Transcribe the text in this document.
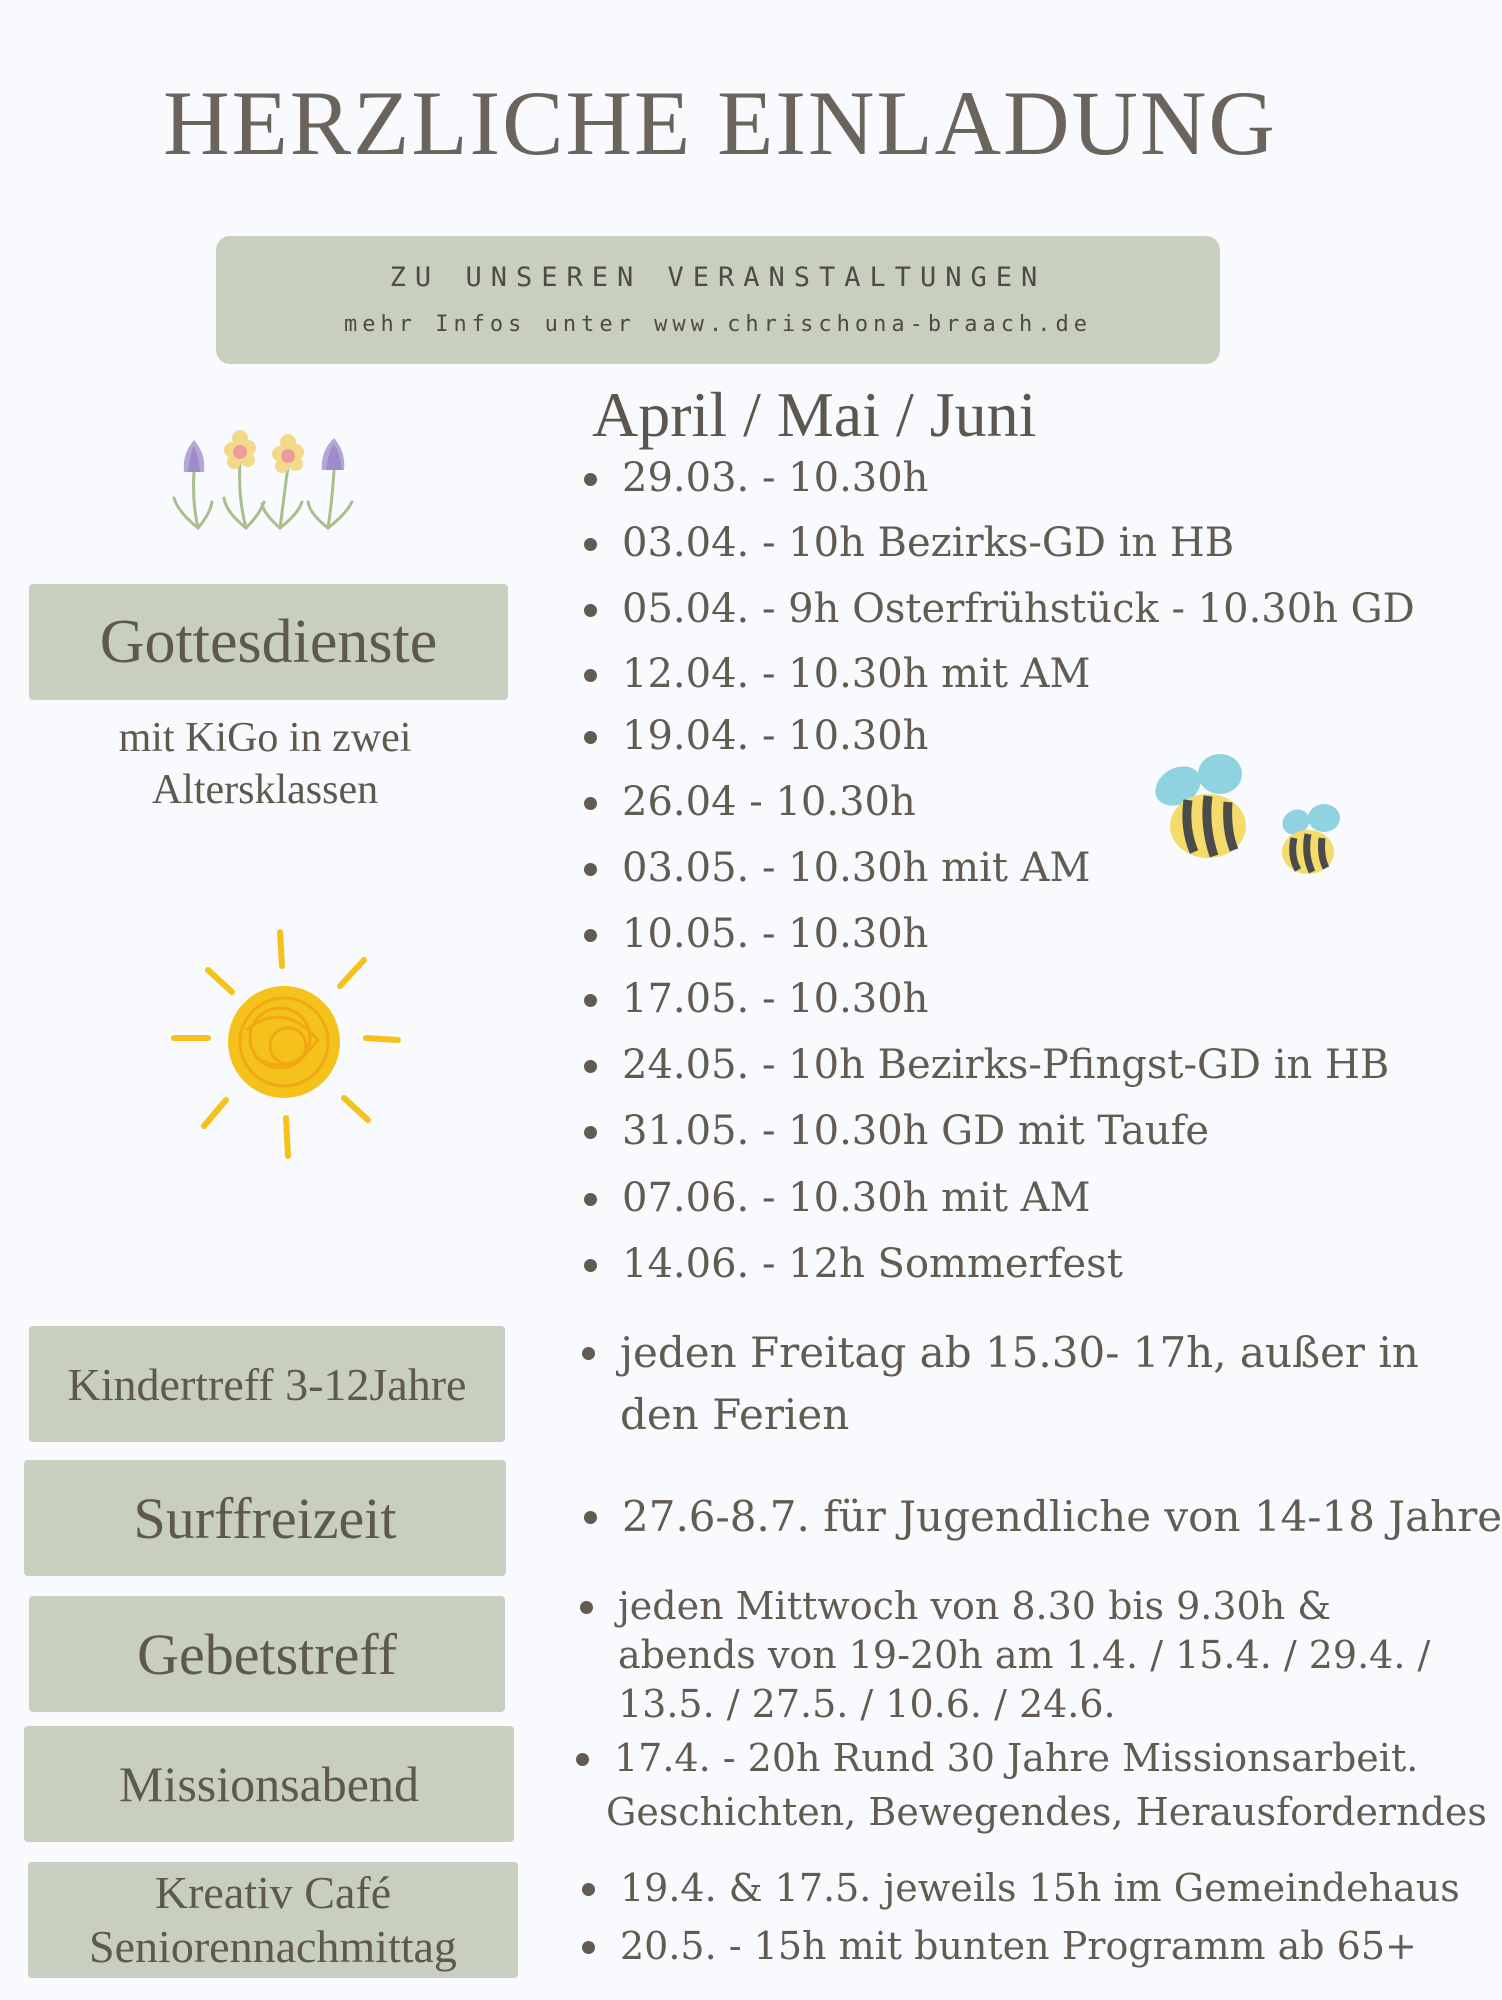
HERZLICHE EINLADUNG
ZU UNSEREN VERANSTALTUNGEN
mehr Infos unter www.chrischona-braach.de
April / Mai / Juni
Gottesdienste
mit KiGo in zwei
Altersklassen
29.03. - 10.30h
03.04. - 10h Bezirks-GD in HB
05.04. - 9h Osterfrühstück - 10.30h GD
12.04. - 10.30h mit AM
19.04. - 10.30h
26.04 - 10.30h
03.05. - 10.30h mit AM
10.05. - 10.30h
17.05. - 10.30h
24.05. - 10h Bezirks-Pfingst-GD in HB
31.05. - 10.30h GD mit Taufe
07.06. - 10.30h mit AM
14.06. - 12h Sommerfest
Kindertreff 3-12Jahre
jeden Freitag ab 15.30- 17h, außer in
den Ferien
Surffreizeit	27.6-8.7. für Jugendliche von 14-18 Jahre
Gebetstreff
jeden Mittwoch von 8.30 bis 9.30h &
abends von 19-20h am 1.4. / 15.4. / 29.4. /
13.5. / 27.5. / 10.6. / 24.6.
Missionsabend	17.4. - 20h Rund 30 Jahre Missionsarbeit.
Geschichten, Bewegendes, Herausforderndes
Kreativ Café
Seniorennachmittag
19.4. & 17.5. jeweils 15h im Gemeindehaus
20.5. - 15h mit bunten Programm ab 65+
